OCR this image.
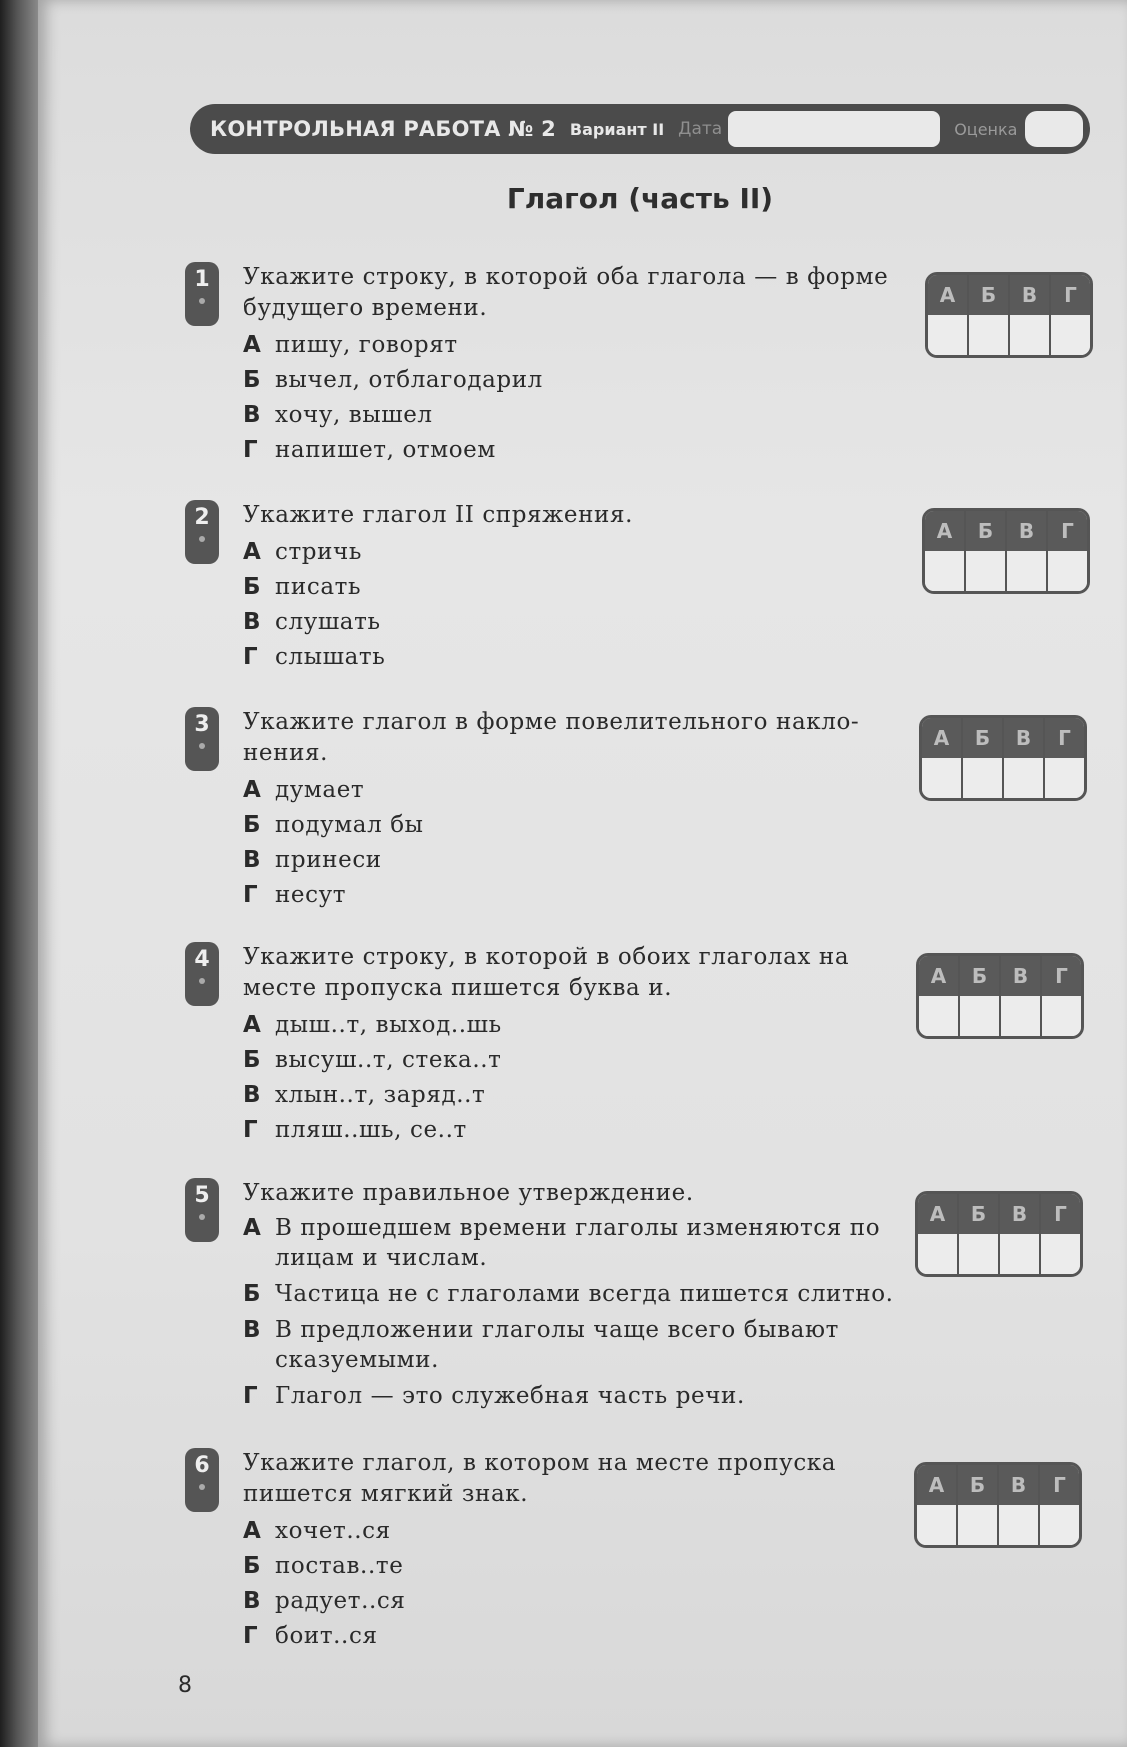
КОНТРОЛЬНАЯ РАБОТА № 2 Вариант II Дата	Оценка
Глагол (часть II)
1	Укажите строку, в которой оба глагола — в форме будущего времени.
А пишу, говорят
Б вычел, отблагодарил
В хочу, вышел
Г напишет, отмоем
А	Б	В	Г
2	Укажите глагол II спряжения.
А стричь
Б писать
В слушать
Г слышать
А	Б	В	Г
3	Укажите глагол в форме повелительного накло-нения.
А думает
Б подумал бы
В принеси
Г несут
А	Б	В	Г
4	Укажите строку, в которой в обоих глаголах на месте пропуска пишется буква и.
А дыш..т, выход..шь
Б высуш..т, стека..т
В хлын..т, заряд..т
Г пляш..шь, се..т
А	Б	В	Г
5	Укажите правильное утверждение.
А В прошедшем времени глаголы изменяются по лицам и числам.
Б Частица не с глаголами всегда пишется слитно.
В В предложении глаголы чаще всего бывают сказуемыми.
Г Глагол — это служебная часть речи.
А	Б	В	Г
6	Укажите глагол, в котором на месте пропуска пишется мягкий знак.
А хочет..ся
Б постав..те
В радует..ся
Г боит..ся
А	Б	В	Г
8
